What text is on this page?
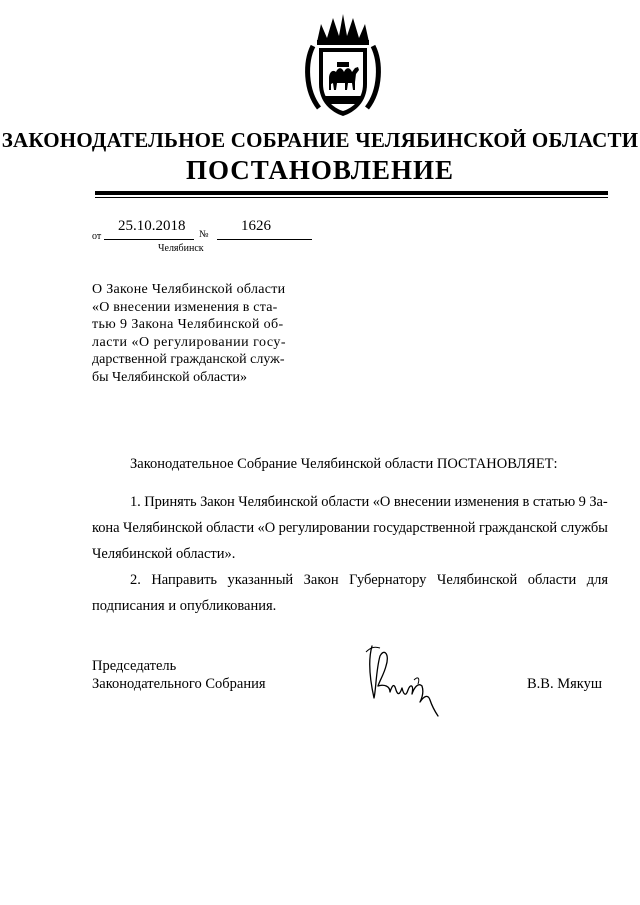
ЗАКОНОДАТЕЛЬНОЕ СОБРАНИЕ ЧЕЛЯБИНСКОЙ ОБЛАСТИ
ПОСТАНОВЛЕНИЕ
25.10.2018	1626
от	№
Челябинск
О Законе Челябинской области
«О внесении изменения в ста-
тью 9 Закона Челябинской об-
ласти «О регулировании госу-
дарственной гражданской служ-
бы Челябинской области»
Законодательное Собрание Челябинской области ПОСТАНОВЛЯЕТ:
1. Принять Закон Челябинской области «О внесении изменения в статью 9 За-
кона Челябинской области «О регулировании государственной гражданской службы
Челябинской области».
2. Направить указанный Закон Губернатору Челябинской области для
подписания и опубликования.
Председатель
Законодательного Собрания	В.В. Мякуш
